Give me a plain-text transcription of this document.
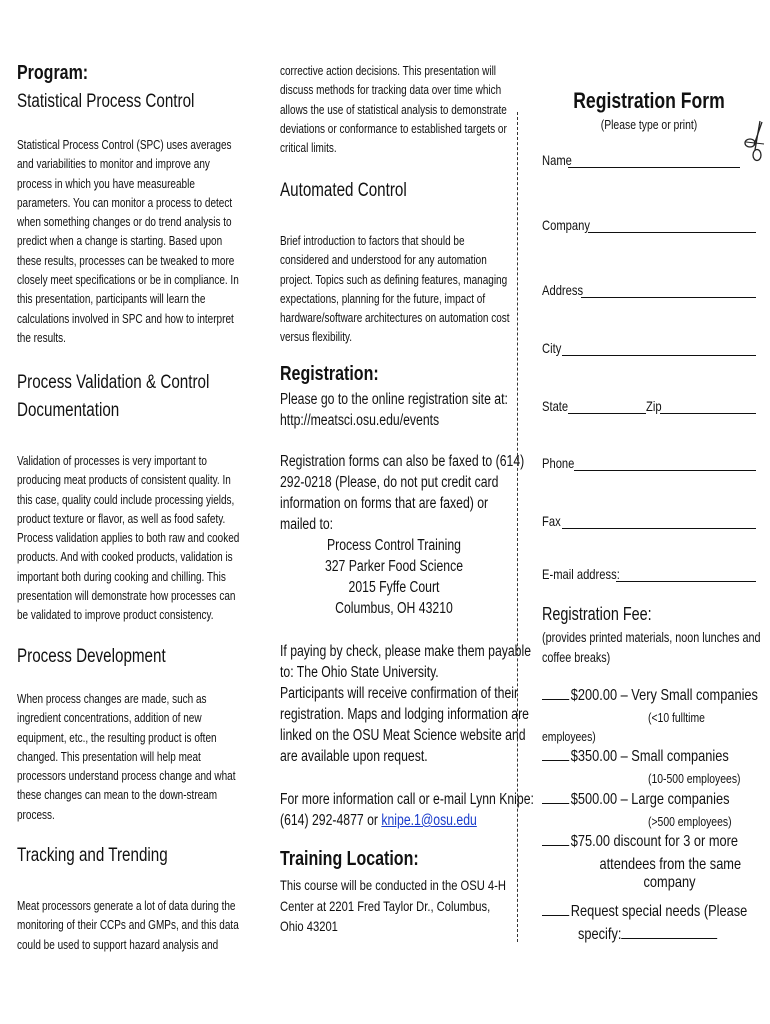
Program:
Statistical Process Control
Statistical Process Control (SPC) uses averages
and variabilities to monitor and improve any
process in which you have measureable
parameters. You can monitor a process to detect
when something changes or do trend analysis to
predict when a change is starting. Based upon
these results, processes can be tweaked to more
closely meet specifications or be in compliance. In
this presentation, participants will learn the
calculations involved in SPC and how to interpret
the results.
Process Validation & Control
Documentation
Validation of processes is very important to
producing meat products of consistent quality. In
this case, quality could include processing yields,
product texture or flavor, as well as food safety.
Process validation applies to both raw and cooked
products. And with cooked products, validation is
important both during cooking and chilling. This
presentation will demonstrate how processes can
be validated to improve product consistency.
Process Development
When process changes are made, such as
ingredient concentrations, addition of new
equipment, etc., the resulting product is often
changed. This presentation will help meat
processors understand process change and what
these changes can mean to the down-stream
process.
Tracking and Trending
Meat processors generate a lot of data during the
monitoring of their CCPs and GMPs, and this data
could be used to support hazard analysis and
corrective action decisions. This presentation will
discuss methods for tracking data over time which
allows the use of statistical analysis to demonstrate
deviations or conformance to established targets or
critical limits.
Automated Control
Brief introduction to factors that should be
considered and understood for any automation
project. Topics such as defining features, managing
expectations, planning for the future, impact of
hardware/software architectures on automation cost
versus flexibility.
Registration:
Please go to the online registration site at:
http://meatsci.osu.edu/events
Registration forms can also be faxed to (614)
292-0218 (Please, do not put credit card
information on forms that are faxed) or
mailed to:
Process Control Training
327 Parker Food Science
2015 Fyffe Court
Columbus, OH 43210
If paying by check, please make them payable
to: The Ohio State University.
Participants will receive confirmation of their
registration. Maps and lodging information are
linked on the OSU Meat Science website and
are available upon request.
For more information call or e-mail Lynn Knipe:
(614) 292-4877 or knipe.1@osu.edu
Training Location:
This course will be conducted in the OSU 4-H
Center at 2201 Fred Taylor Dr., Columbus,
Ohio 43201
Registration Form
(Please type or print)
Name
Company
Address
City
State	Zip
Phone
Fax
E-mail address:
Registration Fee:
(provides printed materials, noon lunches and
coffee breaks)
$200.00 – Very Small companies
(<10 fulltime
employees)
$350.00 – Small companies
(10-500 employees)
$500.00 – Large companies
(>500 employees)
$75.00 discount for 3 or more
attendees from the same
company
Request special needs (Please
specify:
